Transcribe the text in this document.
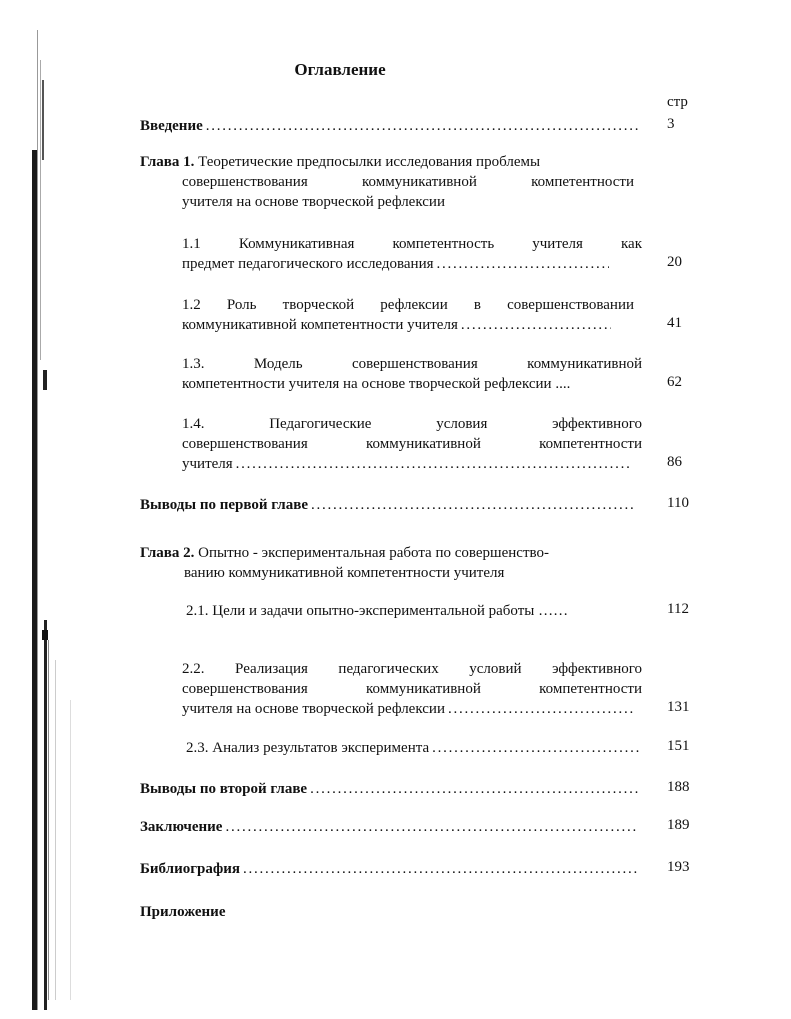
Оглавление
стр
Введение . . .	3
Глава 1. Теоретические предпосылки исследования проблемы
совершенствования коммуникативной компетентности
учителя на основе творческой рефлексии
1.1 Коммуникативная компетентность учителя как
предмет педагогического исследования . . .	20
1.2 Роль творческой рефлексии в совершенствовании
коммуникативной компетентности учителя . . .	41
1.3. Модель совершенствования коммуникативной
компетентности учителя на основе творческой рефлексии ....	62
1.4. Педагогические условия эффективного
совершенствования коммуникативной компетентности
учителя . . .	86
Выводы по первой главе . . .	110
Глава 2. Опытно - экспериментальная работа по совершенство-
ванию коммуникативной компетентности учителя
2.1. Цели и задачи опытно-экспериментальной работы ……	112
2.2. Реализация педагогических условий эффективного
совершенствования коммуникативной компетентности
учителя на основе творческой рефлексии . . .	131
2.3. Анализ результатов эксперимента . . .	151
Выводы по второй главе . . .	188
Заключение . . .	189
Библиография . . .	193
Приложение
